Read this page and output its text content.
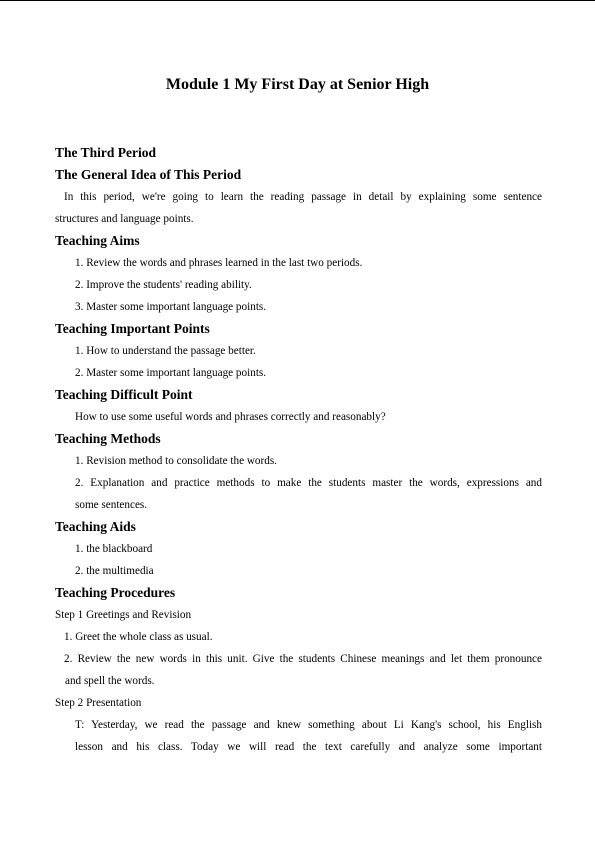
Module 1 My First Day at Senior High
The Third Period
The General Idea of This Period
In this period, we're going to learn the reading passage in detail by explaining some sentence
structures and language points.
Teaching Aims
1. Review the words and phrases learned in the last two periods.
2. Improve the students' reading ability.
3. Master some important language points.
Teaching Important Points
1. How to understand the passage better.
2. Master some important language points.
Teaching Difficult Point
How to use some useful words and phrases correctly and reasonably?
Teaching Methods
1. Revision method to consolidate the words.
2. Explanation and practice methods to make the students master the words, expressions and
some sentences.
Teaching Aids
1. the blackboard
2. the multimedia
Teaching Procedures
Step 1 Greetings and Revision
1. Greet the whole class as usual.
2. Review the new words in this unit. Give the students Chinese meanings and let them pronounce
and spell the words.
Step 2 Presentation
T: Yesterday, we read the passage and knew something about Li Kang's school, his English
lesson and his class. Today we will read the text carefully and analyze some important
